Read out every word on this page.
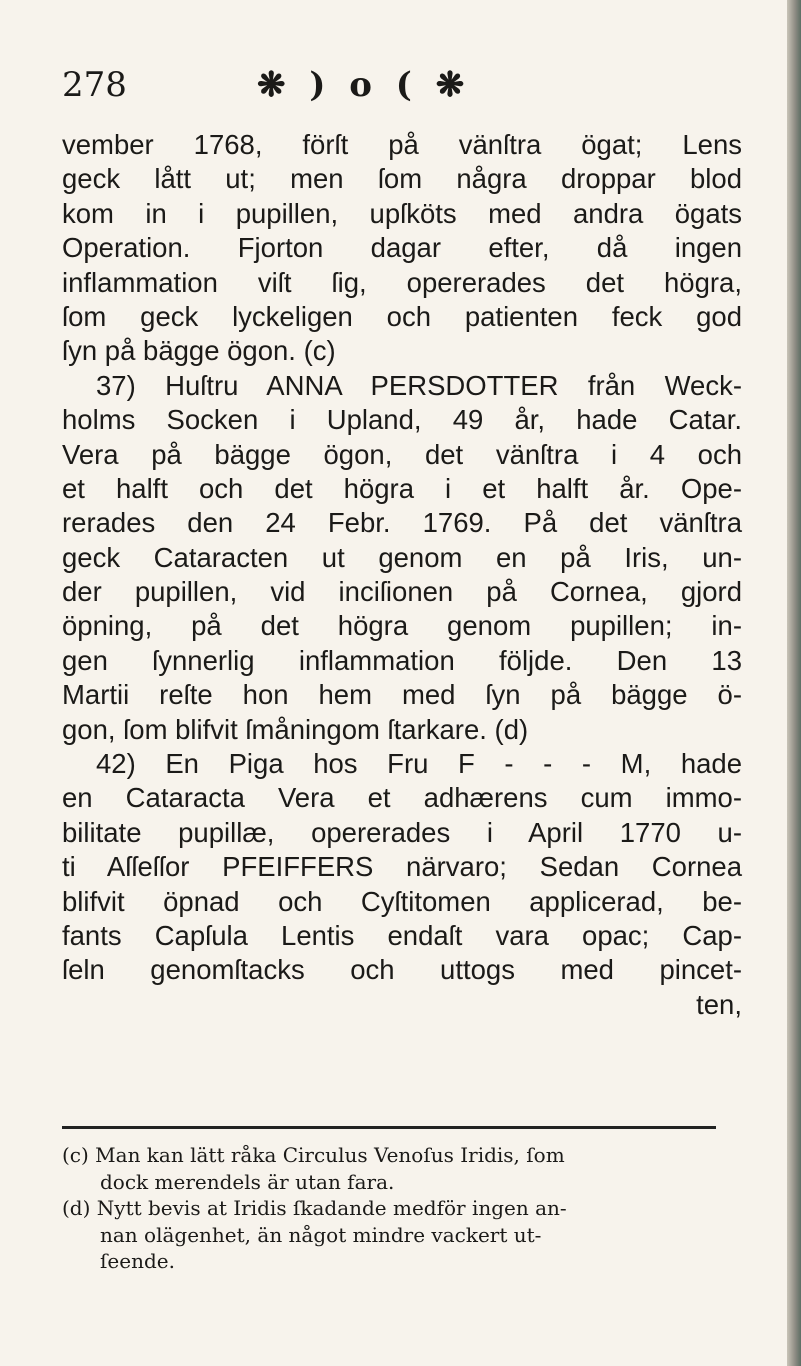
278	❋ ) o ( ❋
vember 1768, förſt på vänſtra ögat; Lens
geck lått ut; men ſom några droppar blod
kom in i pupillen, upſköts med andra ögats
Operation. Fjorton dagar efter, då ingen
inflammation viſt ſig, opererades det högra,
ſom geck lyckeligen och patienten feck god
ſyn på bägge ögon. (c)
37) Huſtru ANNA PERSDOTTER från Weck-
holms Socken i Upland, 49 år, hade Catar.
Vera på bägge ögon, det vänſtra i 4 och
et halft och det högra i et halft år. Ope-
rerades den 24 Febr. 1769. På det vänſtra
geck Cataracten ut genom en på Iris, un-
der pupillen, vid inciſionen på Cornea, gjord
öpning, på det högra genom pupillen; in-
gen ſynnerlig inflammation följde. Den 13
Martii reſte hon hem med ſyn på bägge ö-
gon, ſom blifvit ſmåningom ſtarkare. (d)
42) En Piga hos Fru F - - - M, hade
en Cataracta Vera et adhærens cum immo-
bilitate pupillæ, opererades i April 1770 u-
ti Aſſeſſor PFEIFFERS närvaro; Sedan Cornea
blifvit öpnad och Cyſtitomen applicerad, be-
fants Capſula Lentis endaſt vara opac; Cap-
ſeln genomſtacks och uttogs med pincet-
ten,
(c) Man kan lätt råka Circulus Venoſus Iridis, ſom
dock merendels är utan fara.
(d) Nytt bevis at Iridis ſkadande medför ingen an-
nan olägenhet, än något mindre vackert ut-
ſeende.
